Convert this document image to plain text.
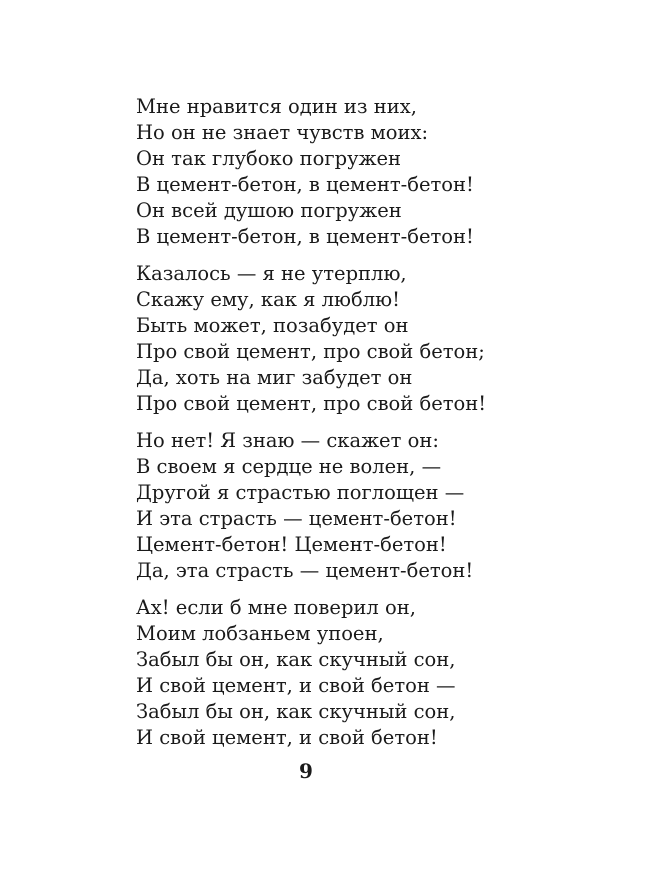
Мне нравится один из них,
Но он не знает чувств моих:
Он так глубоко погружен
В цемент-бетон, в цемент-бетон!
Он всей душою погружен
В цемент-бетон, в цемент-бетон!
Казалось — я не утерплю,
Скажу ему, как я люблю!
Быть может, позабудет он
Про свой цемент, про свой бетон;
Да, хоть на миг забудет он
Про свой цемент, про свой бетон!
Но нет! Я знаю — скажет он:
В своем я сердце не волен, —
Другой я страстью поглощен —
И эта страсть — цемент-бетон!
Цемент-бетон! Цемент-бетон!
Да, эта страсть — цемент-бетон!
Ах! если б мне поверил он,
Моим лобзаньем упоен,
Забыл бы он, как скучный сон,
И свой цемент, и свой бетон —
Забыл бы он, как скучный сон,
И свой цемент, и свой бетон!
9
